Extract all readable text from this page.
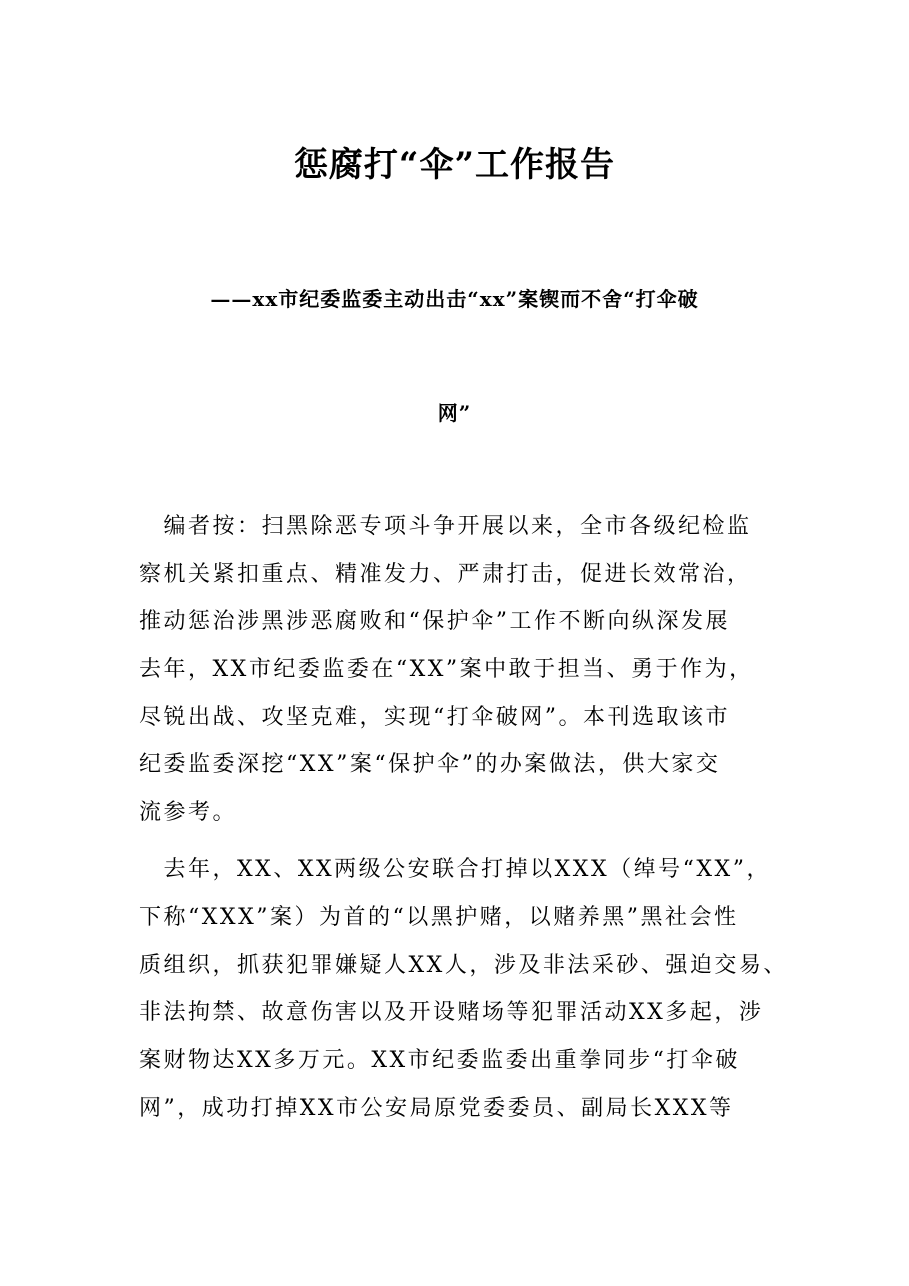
惩腐打“伞”工作报告
——xx市纪委监委主动出击“xx”案锲而不舍“打伞破
网”
　编者按：扫黑除恶专项斗争开展以来，全市各级纪检监
察机关紧扣重点、精准发力、严肃打击，促进长效常治，
推动惩治涉黑涉恶腐败和“保护伞”工作不断向纵深发展
去年，XX市纪委监委在“XX”案中敢于担当、勇于作为，
尽锐出战、攻坚克难，实现“打伞破网”。本刊选取该市
纪委监委深挖“XX”案“保护伞”的办案做法，供大家交
流参考。
　去年，XX、XX两级公安联合打掉以XXX（绰号“XX”，
下称“XXX”案）为首的“以黑护赌，以赌养黑”黑社会性
质组织，抓获犯罪嫌疑人XX人，涉及非法采砂、强迫交易、
非法拘禁、故意伤害以及开设赌场等犯罪活动XX多起，涉
案财物达XX多万元。XX市纪委监委出重拳同步“打伞破
网”，成功打掉XX市公安局原党委委员、副局长XXX等
